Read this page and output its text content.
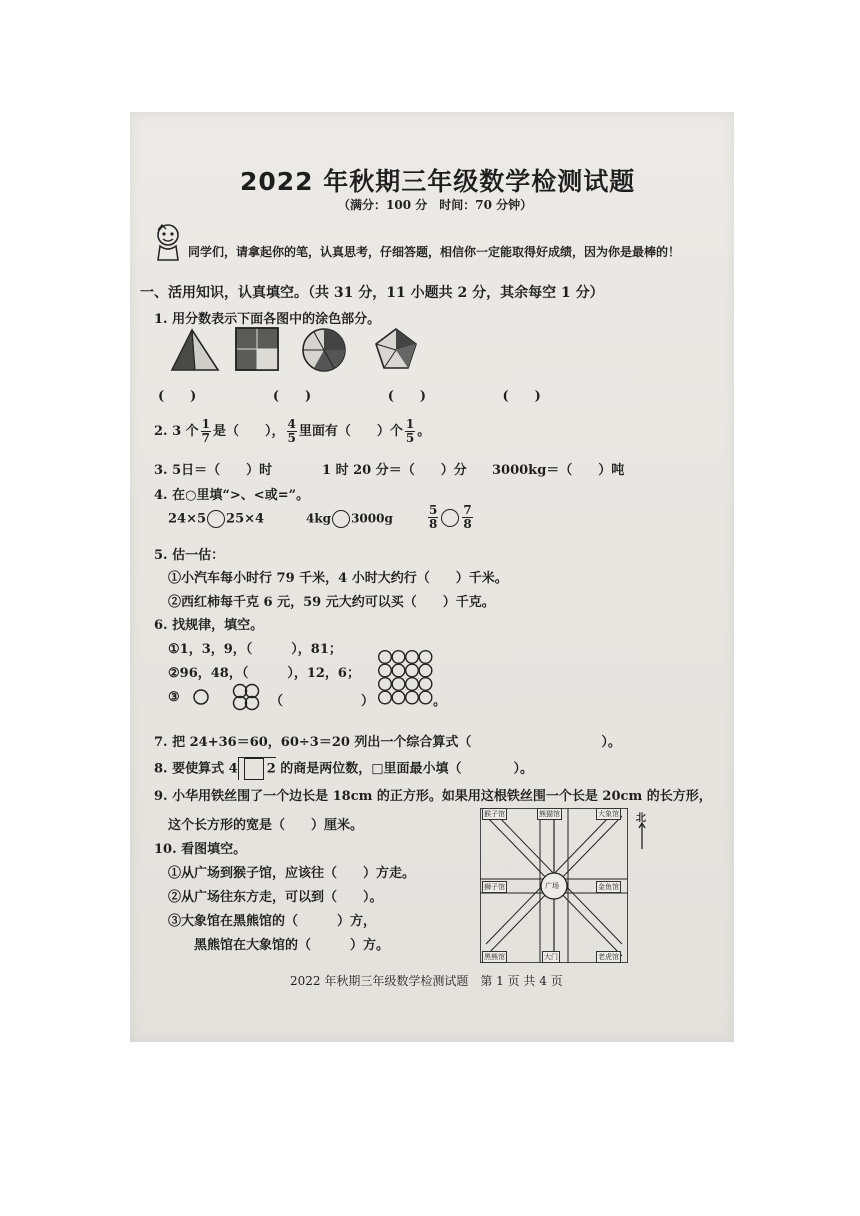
2022 年秋期三年级数学检测试题
（满分：100 分　时间：70 分钟）
同学们，请拿起你的笔，认真思考，仔细答题，相信你一定能取得好成绩，因为你是最棒的！
一、活用知识，认真填空。（共 31 分，11 小题共 2 分，其余每空 1 分）
1. 用分数表示下面各图中的涂色部分。
(　　)	(　　)	(　　)	(　　)
2. 3 个 $\frac{1}{7}$ 是（　　）， $\frac{4}{5}$ 里面有（　　）个 $\frac{1}{5}$ 。
3. 5日＝（　　）时	1 时 20 分＝（　　）分 3000kg＝（　　）吨
4. 在○里填“>、<或=”。
24×5 25×4	4kg 3000g	$\frac{5}{8} \frac{7}{8}$
5. 估一估：
①小汽车每小时行 79 千米，4 小时大约行（　　）千米。
②西红柿每千克 6 元，59 元大约可以买（　　）千克。
6. 找规律，填空。
①1，3，9，（　　　），81；
②96，48，（　　　），12，6；
③	（　　　　　　）	。
7. 把 24+36＝60，60÷3＝20 列出一个综合算式（　　　　　　　　　　）。
8. 要使算式 4 2 的商是两位数，□里面最小填（　　　　）。
9. 小华用铁丝围了一个边长是 18cm 的正方形。如果用这根铁丝围一个长是 20cm 的长方形，
这个长方形的宽是（　　）厘米。
10. 看图填空。
①从广场到猴子馆，应该往（　　）方走。
②从广场往东方走，可以到（　　）。
③大象馆在黑熊馆的（　　　）方，
黑熊馆在大象馆的（　　　）方。
猴子馆	熊猫馆	大象馆
狮子馆	广场	金鱼馆
黑熊馆	大门	老虎馆
北
2022 年秋期三年级数学检测试题　第 1 页 共 4 页
